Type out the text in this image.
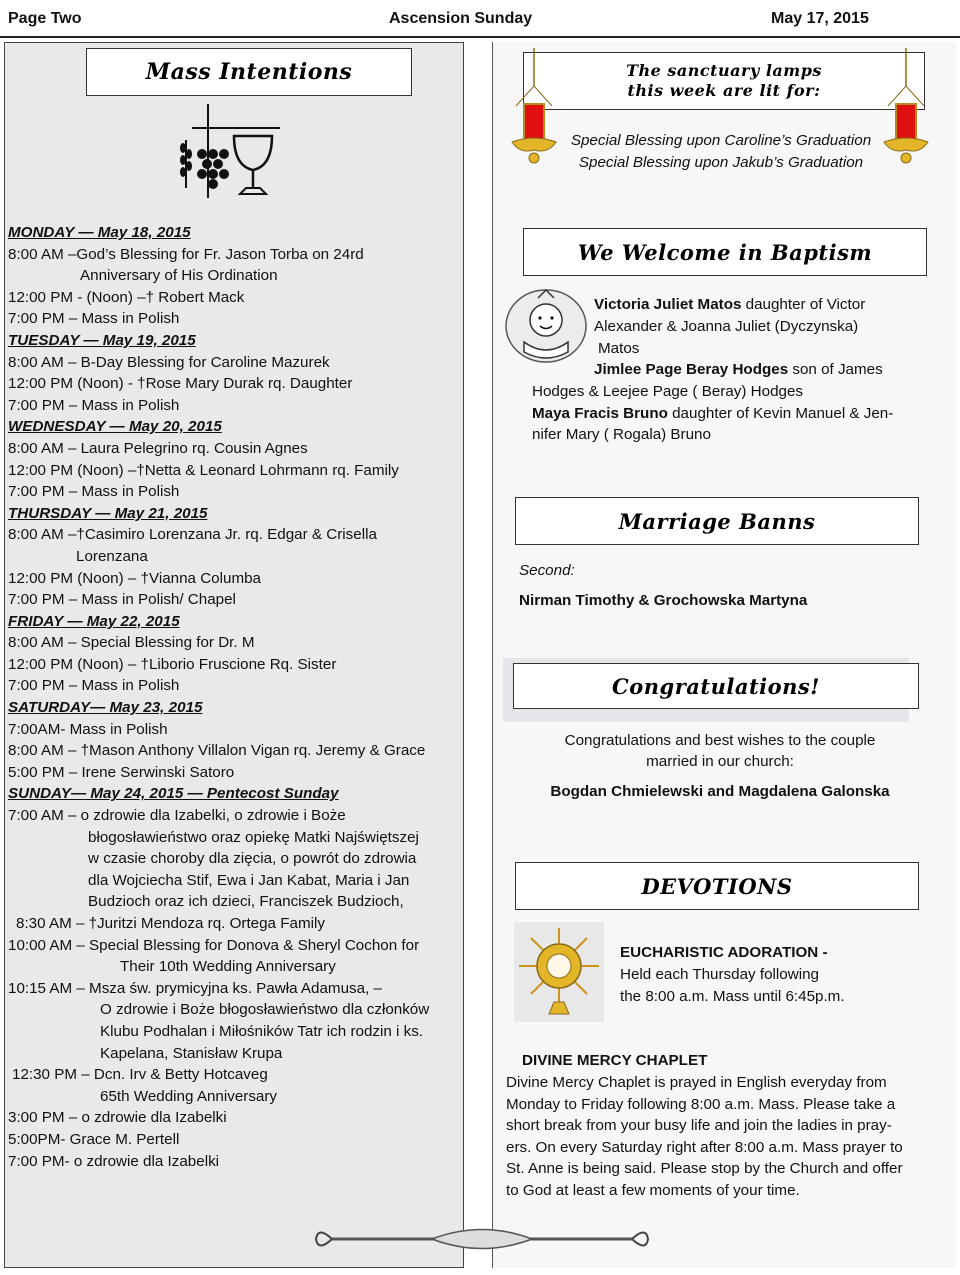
Page Two	Ascension Sunday	May 17, 2015
Mass Intentions
MONDAY — May 18, 2015
8:00 AM –God’s Blessing for Fr. Jason Torba on 24rd
Anniversary of His Ordination
12:00 PM - (Noon) –† Robert Mack
7:00 PM – Mass in Polish
TUESDAY — May 19, 2015
8:00 AM – B-Day Blessing for Caroline Mazurek
12:00 PM (Noon) - †Rose Mary Durak rq. Daughter
7:00 PM – Mass in Polish
WEDNESDAY — May 20, 2015
8:00 AM – Laura Pelegrino rq. Cousin Agnes
12:00 PM (Noon) –†Netta & Leonard Lohrmann rq. Family
7:00 PM – Mass in Polish
THURSDAY — May 21, 2015
8:00 AM –†Casimiro Lorenzana Jr. rq. Edgar & Crisella
Lorenzana
12:00 PM (Noon) – †Vianna Columba
7:00 PM – Mass in Polish/ Chapel
FRIDAY — May 22, 2015
8:00 AM – Special Blessing for Dr. M
12:00 PM (Noon) – †Liborio Fruscione Rq. Sister
7:00 PM – Mass in Polish
SATURDAY— May 23, 2015
7:00AM- Mass in Polish
8:00 AM – †Mason Anthony Villalon Vigan rq. Jeremy & Grace
5:00 PM – Irene Serwinski Satoro
SUNDAY— May 24, 2015 — Pentecost Sunday
7:00 AM – o zdrowie dla Izabelki, o zdrowie i Boże
błogosławieństwo oraz opiekę Matki Najświętszej
w czasie choroby dla zięcia, o powrót do zdrowia
dla Wojciecha Stif, Ewa i Jan Kabat, Maria i Jan
Budzioch oraz ich dzieci, Franciszek Budzioch,
8:30 AM – †Juritzi Mendoza rq. Ortega Family
10:00 AM – Special Blessing for Donova & Sheryl Cochon for
Their 10th Wedding Anniversary
10:15 AM – Msza św. prymicyjna ks. Pawła Adamusa, –
O zdrowie i Boże błogosławieństwo dla członków
Klubu Podhalan i Miłośników Tatr ich rodzin i ks.
Kapelana, Stanisław Krupa
12:30 PM – Dcn. Irv & Betty Hotcaveg
65th Wedding Anniversary
3:00 PM – o zdrowie dla Izabelki
5:00PM- Grace M. Pertell
7:00 PM- o zdrowie dla Izabelki
The sanctuary lamps
this week are lit for:
Special Blessing upon Caroline’s Graduation
Special Blessing upon Jakub’s Graduation
We Welcome in Baptism
Victoria Juliet Matos daughter of Victor
Alexander & Joanna Juliet (Dyczynska)
Matos
Jimlee Page Beray Hodges son of James
Hodges & Leejee Page ( Beray) Hodges
Maya Fracis Bruno daughter of Kevin Manuel & Jen-
nifer Mary ( Rogala) Bruno
Marriage Banns
Second:
Nirman Timothy & Grochowska Martyna
Congratulations!
Congratulations and best wishes to the couple
married in our church:
Bogdan Chmielewski and Magdalena Galonska
DEVOTIONS
EUCHARISTIC ADORATION -
Held each Thursday following
the 8:00 a.m. Mass until 6:45p.m.
DIVINE MERCY CHAPLET
Divine Mercy Chaplet is prayed in English everyday from
Monday to Friday following 8:00 a.m. Mass. Please take a
short break from your busy life and join the ladies in pray-
ers. On every Saturday right after 8:00 a.m. Mass prayer to
St. Anne is being said. Please stop by the Church and offer
to God at least a few moments of your time.
